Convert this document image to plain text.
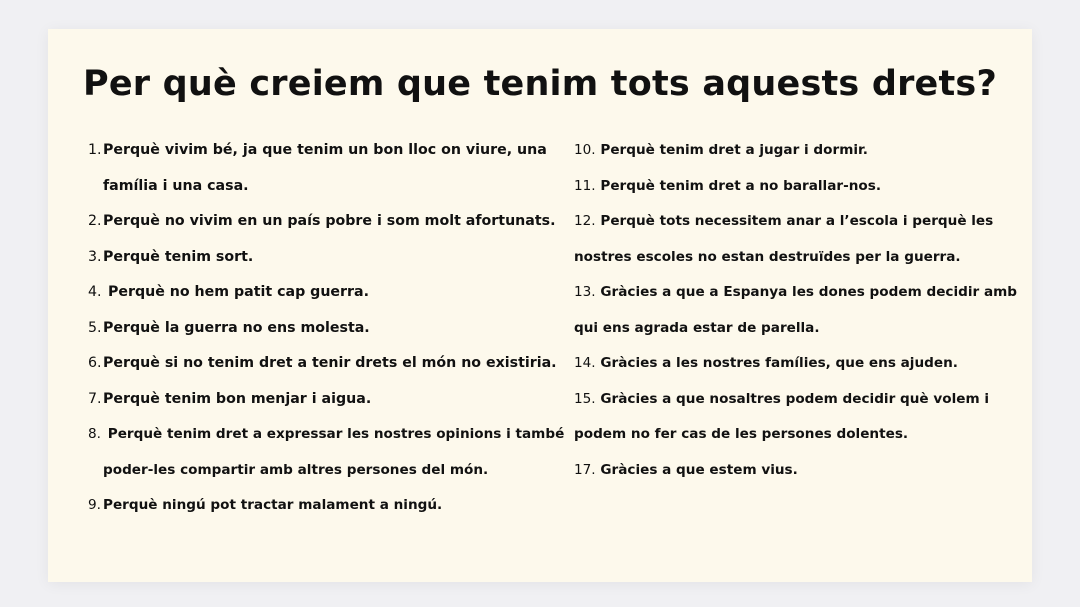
Per què creiem que tenim tots aquests drets?
1. Perquè vivim bé, ja que tenim un bon lloc on viure, una
família i una casa.
2. Perquè no vivim en un país pobre i som molt afortunats.
3. Perquè tenim sort.
4. Perquè no hem patit cap guerra.
5. Perquè la guerra no ens molesta.
6. Perquè si no tenim dret a tenir drets el món no existiria.
7. Perquè tenim bon menjar i aigua.
8. Perquè tenim dret a expressar les nostres opinions i també
poder-les compartir amb altres persones del món.
9. Perquè ningú pot tractar malament a ningú.
10. Perquè tenim dret a jugar i dormir.
11. Perquè tenim dret a no barallar-nos.
12. Perquè tots necessitem anar a l’escola i perquè les
nostres escoles no estan destruïdes per la guerra.
13. Gràcies a que a Espanya les dones podem decidir amb
qui ens agrada estar de parella.
14. Gràcies a les nostres famílies, que ens ajuden.
15. Gràcies a que nosaltres podem decidir què volem i
podem no fer cas de les persones dolentes.
17. Gràcies a que estem vius.
